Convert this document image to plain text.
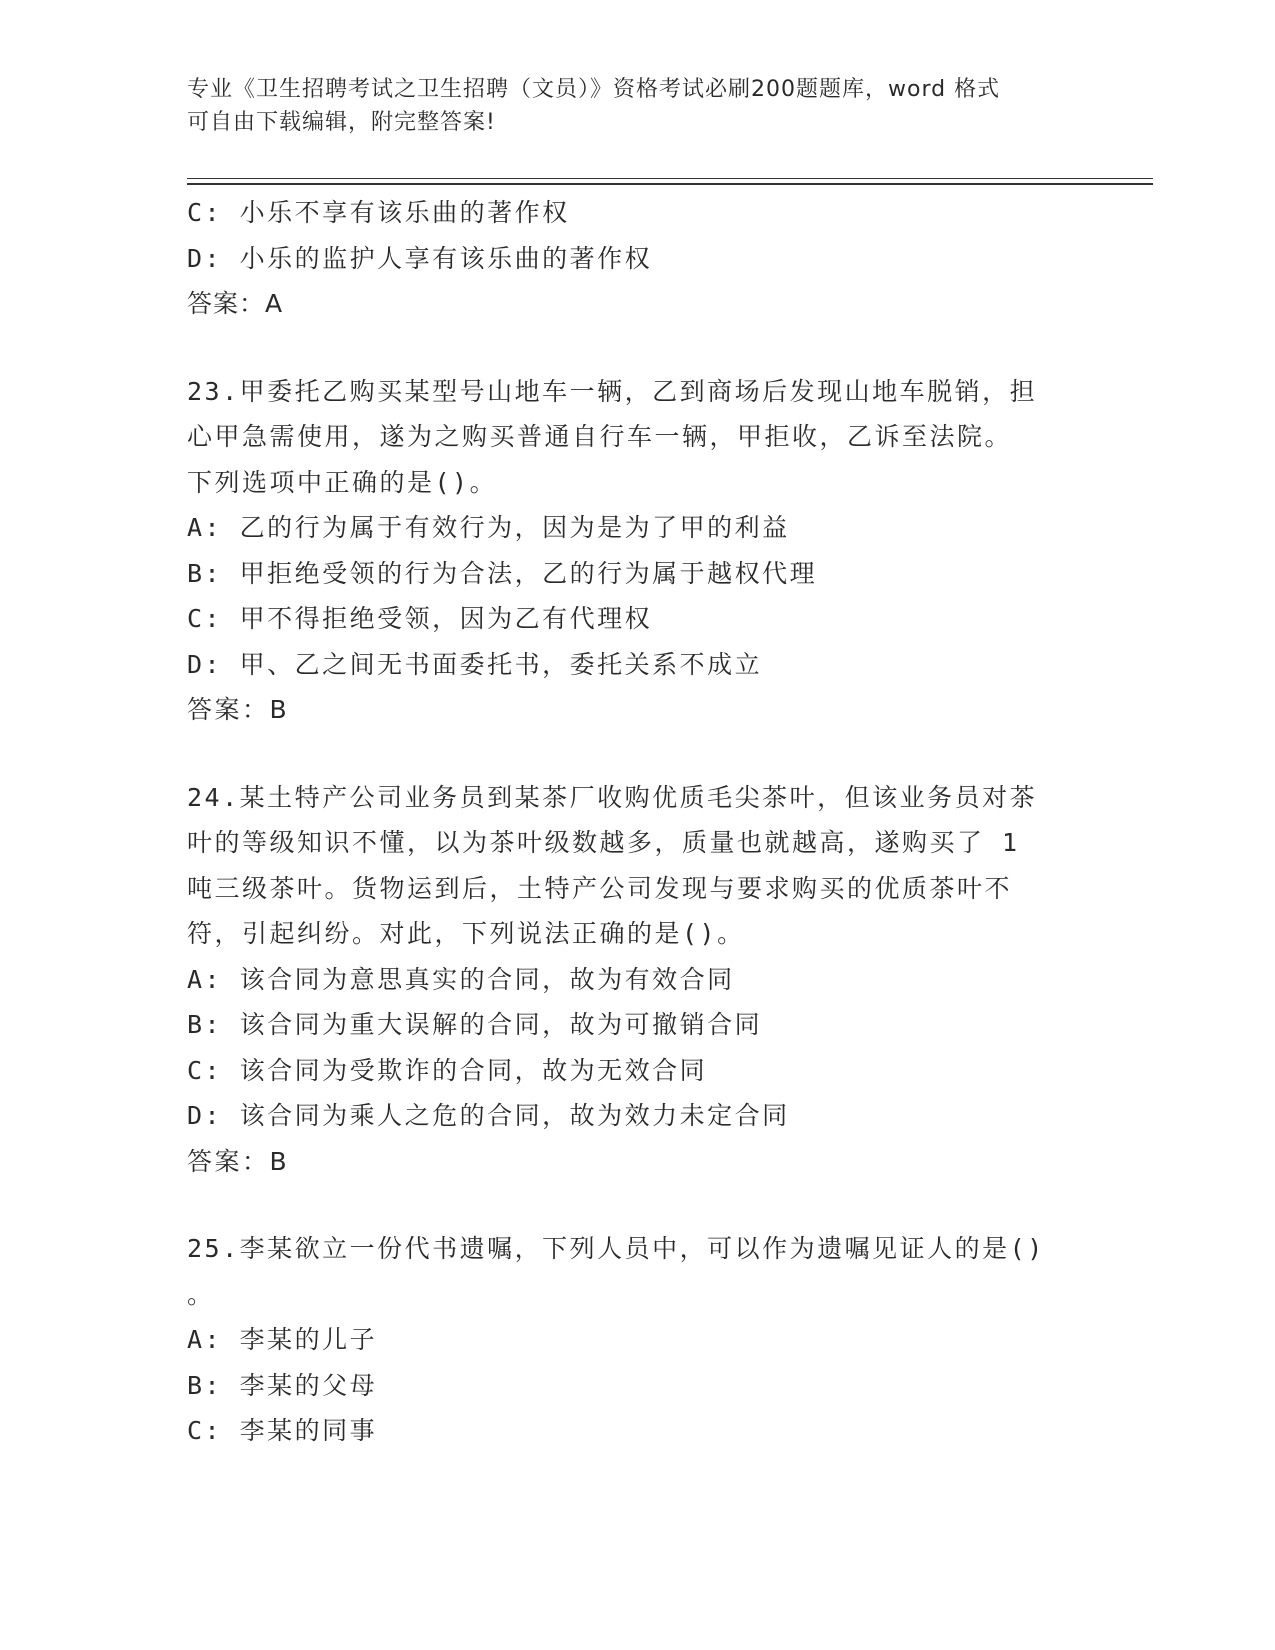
专业《卫生招聘考试之卫生招聘（文员）》资格考试必刷200题题库，word 格式
可自由下载编辑，附完整答案!
C: 小乐不享有该乐曲的著作权
D: 小乐的监护人享有该乐曲的著作权
答案：A
23.甲委托乙购买某型号山地车一辆，乙到商场后发现山地车脱销，担
心甲急需使用，遂为之购买普通自行车一辆，甲拒收，乙诉至法院。
下列选项中正确的是()。
A: 乙的行为属于有效行为，因为是为了甲的利益
B: 甲拒绝受领的行为合法，乙的行为属于越权代理
C: 甲不得拒绝受领，因为乙有代理权
D: 甲、乙之间无书面委托书，委托关系不成立
答案：B
24.某土特产公司业务员到某茶厂收购优质毛尖茶叶，但该业务员对茶
叶的等级知识不懂，以为茶叶级数越多，质量也就越高，遂购买了 1
吨三级茶叶。货物运到后，土特产公司发现与要求购买的优质茶叶不
符，引起纠纷。对此，下列说法正确的是()。
A: 该合同为意思真实的合同，故为有效合同
B: 该合同为重大误解的合同，故为可撤销合同
C: 该合同为受欺诈的合同，故为无效合同
D: 该合同为乘人之危的合同，故为效力未定合同
答案：B
25.李某欲立一份代书遗嘱，下列人员中，可以作为遗嘱见证人的是()
。
A: 李某的儿子
B: 李某的父母
C: 李某的同事
